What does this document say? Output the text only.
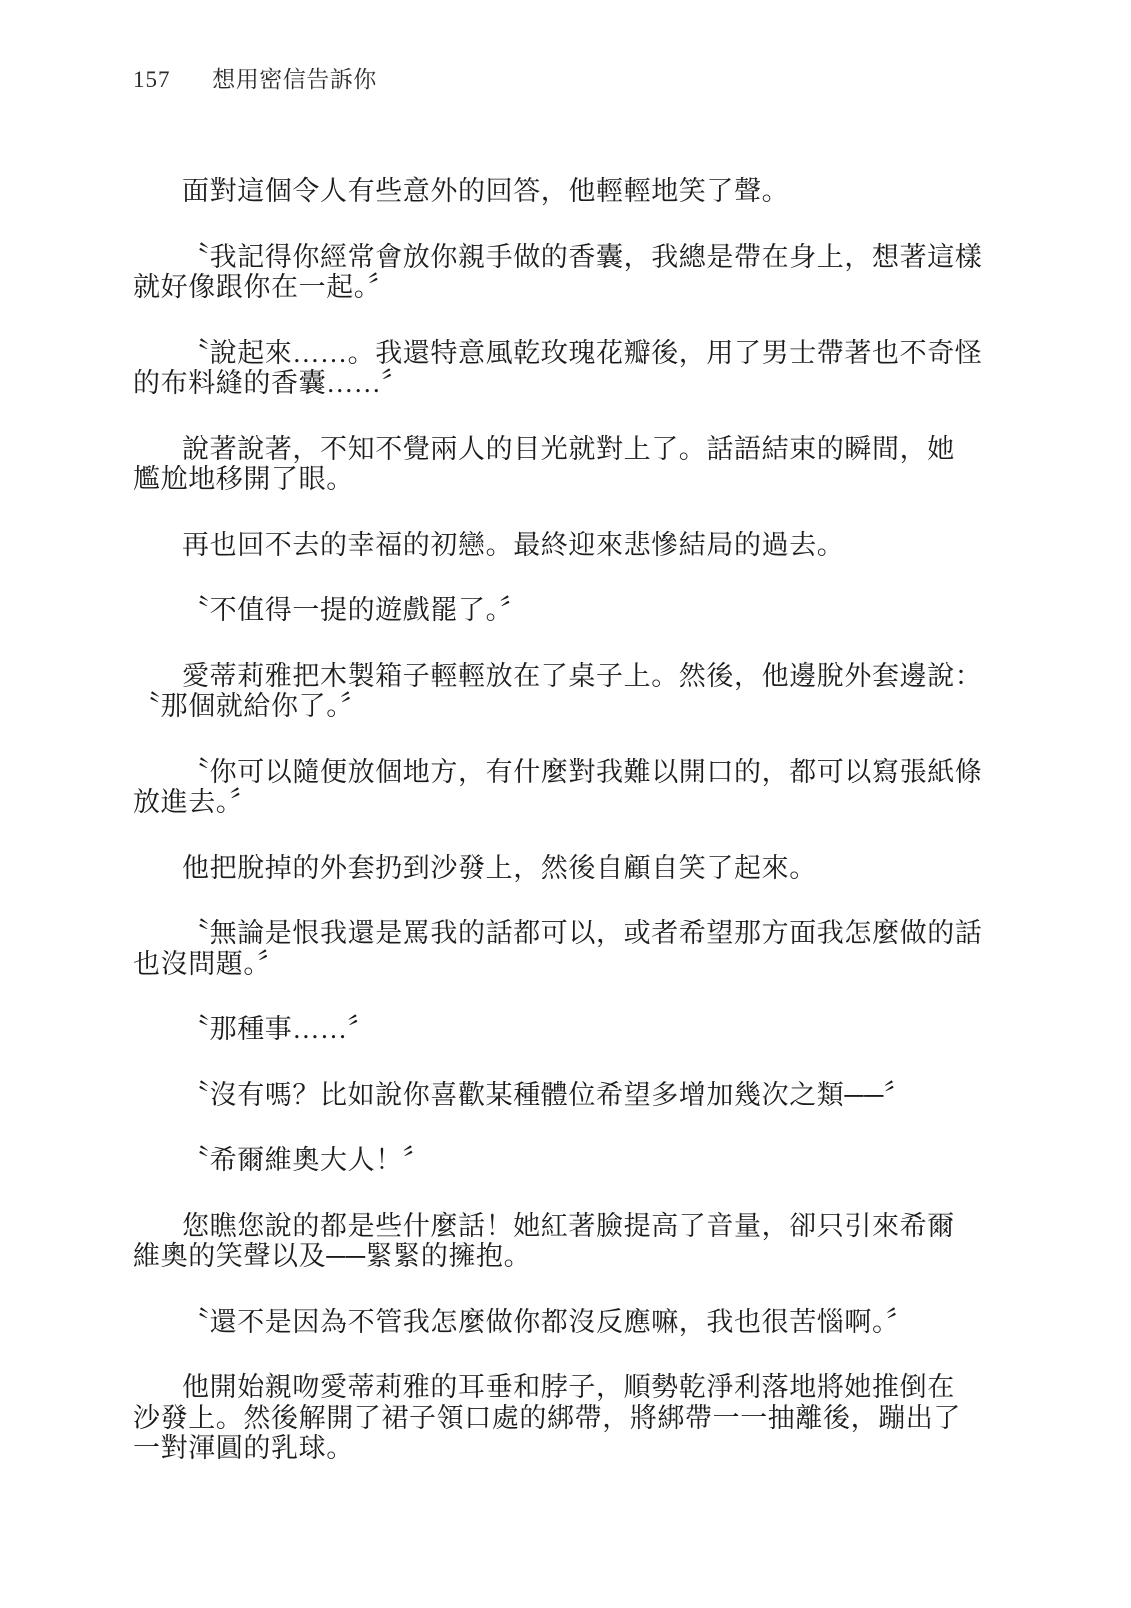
157 想用密信告訴你
面對這個令人有些意外的回答，他輕輕地笑了聲。
〝我記得你經常會放你親手做的香囊，我總是帶在身上，想著這樣
就好像跟你在一起。〞
〝說起來……。我還特意風乾玫瑰花瓣後，用了男士帶著也不奇怪
的布料縫的香囊……〞
說著說著，不知不覺兩人的目光就對上了。話語結束的瞬間，她
尷尬地移開了眼。
再也回不去的幸福的初戀。最終迎來悲慘結局的過去。
〝不值得一提的遊戲罷了。〞
愛蒂莉雅把木製箱子輕輕放在了桌子上。然後，他邊脫外套邊說：
〝那個就給你了。〞
〝你可以隨便放個地方，有什麼對我難以開口的，都可以寫張紙條
放進去。〞
他把脫掉的外套扔到沙發上，然後自顧自笑了起來。
〝無論是恨我還是罵我的話都可以，或者希望那方面我怎麼做的話
也沒問題。〞
〝那種事……〞
〝沒有嗎？比如說你喜歡某種體位希望多增加幾次之類──〞
〝希爾維奧大人！〞
您瞧您說的都是些什麼話！她紅著臉提高了音量，卻只引來希爾
維奧的笑聲以及──緊緊的擁抱。
〝還不是因為不管我怎麼做你都沒反應嘛，我也很苦惱啊。〞
他開始親吻愛蒂莉雅的耳垂和脖子，順勢乾淨利落地將她推倒在
沙發上。然後解開了裙子領口處的綁帶，將綁帶一一抽離後，蹦出了
一對渾圓的乳球。
